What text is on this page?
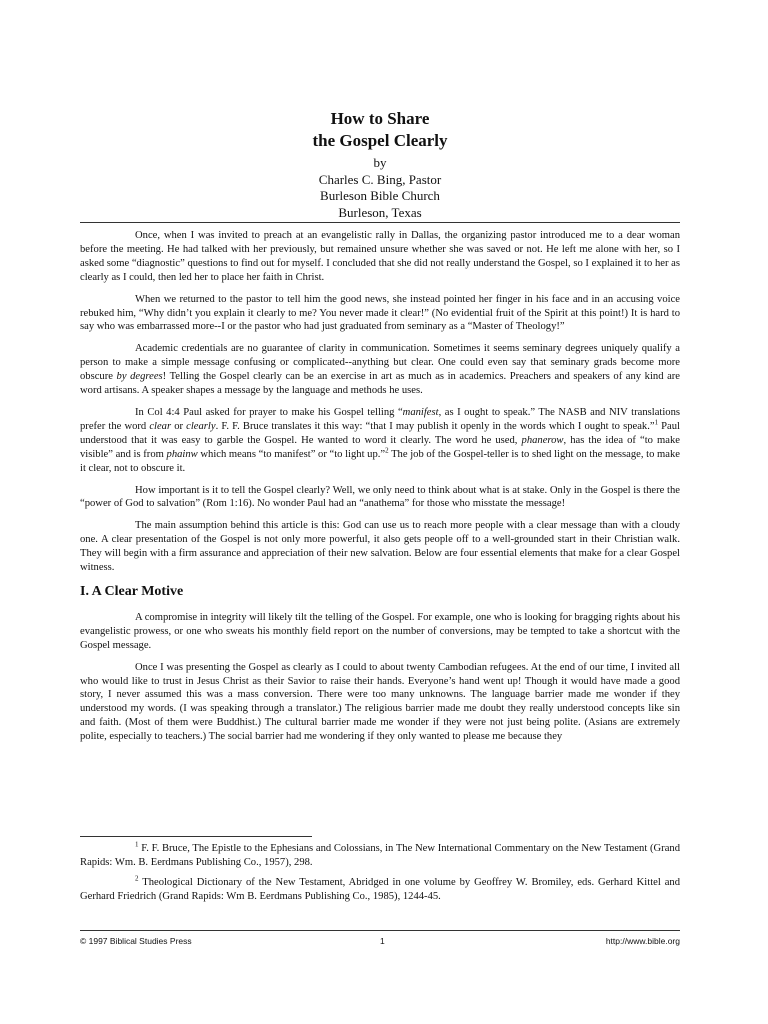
How to Share
the Gospel Clearly
by
Charles C. Bing, Pastor
Burleson Bible Church
Burleson, Texas

Once, when I was invited to preach at an evangelistic rally in Dallas, the organizing pastor introduced me to a dear woman before the meeting. He had talked with her previously, but remained unsure whether she was saved or not. He left me alone with her, so I asked some “diagnostic” questions to find out for myself. I concluded that she did not really understand the Gospel, so I explained it to her as clearly as I could, then led her to place her faith in Christ.

When we returned to the pastor to tell him the good news, she instead pointed her finger in his face and in an accusing voice rebuked him, “Why didn’t you explain it clearly to me? You never made it clear!” (No evidential fruit of the Spirit at this point!) It is hard to say who was embarrassed more--I or the pastor who had just graduated from seminary as a “Master of Theology!”

Academic credentials are no guarantee of clarity in communication. Sometimes it seems seminary degrees uniquely qualify a person to make a simple message confusing or complicated--anything but clear. One could even say that seminary grads become more obscure by degrees! Telling the Gospel clearly can be an exercise in art as much as in academics. Preachers and speakers of any kind are word artisans. A speaker shapes a message by the language and methods he uses.

In Col 4:4 Paul asked for prayer to make his Gospel telling “manifest, as I ought to speak.” The NASB and NIV translations prefer the word clear or clearly. F. F. Bruce translates it this way: “that I may publish it openly in the words which I ought to speak.”$^1$ Paul understood that it was easy to garble the Gospel. He wanted to word it clearly. The word he used, phanerow, has the idea of “to make visible” and is from phainw which means “to manifest” or “to light up.”$^2$ The job of the Gospel-teller is to shed light on the message, to make it clear, not to obscure it.

How important is it to tell the Gospel clearly? Well, we only need to think about what is at stake. Only in the Gospel is there the “power of God to salvation” (Rom 1:16). No wonder Paul had an “anathema” for those who misstate the message!

The main assumption behind this article is this: God can use us to reach more people with a clear message than with a cloudy one. A clear presentation of the Gospel is not only more powerful, it also gets people off to a well-grounded start in their Christian walk. They will begin with a firm assurance and appreciation of their new salvation. Below are four essential elements that make for a clear Gospel witness.

I. A Clear Motive

A compromise in integrity will likely tilt the telling of the Gospel. For example, one who is looking for bragging rights about his evangelistic prowess, or one who sweats his monthly field report on the number of conversions, may be tempted to take a shortcut with the Gospel message.

Once I was presenting the Gospel as clearly as I could to about twenty Cambodian refugees. At the end of our time, I invited all who would like to trust in Jesus Christ as their Savior to raise their hands. Everyone’s hand went up! Though it would have made a good story, I never assumed this was a mass conversion. There were too many unknowns. The language barrier made me wonder if they understood my words. (I was speaking through a translator.) The religious barrier made me doubt they really understood concepts like sin and faith. (Most of them were Buddhist.) The cultural barrier made me wonder if they were not just being polite. (Asians are extremely polite, especially to teachers.) The social barrier had me wondering if they only wanted to please me because they

$^1$ F. F. Bruce, The Epistle to the Ephesians and Colossians, in The New International Commentary on the New Testament (Grand Rapids: Wm. B. Eerdmans Publishing Co., 1957), 298.

$^2$ Theological Dictionary of the New Testament, Abridged in one volume by Geoffrey W. Bromiley, eds. Gerhard Kittel and Gerhard Friedrich (Grand Rapids: Wm B. Eerdmans Publishing Co., 1985), 1244-45.

© 1997 Biblical Studies Press	1	http://www.bible.org
